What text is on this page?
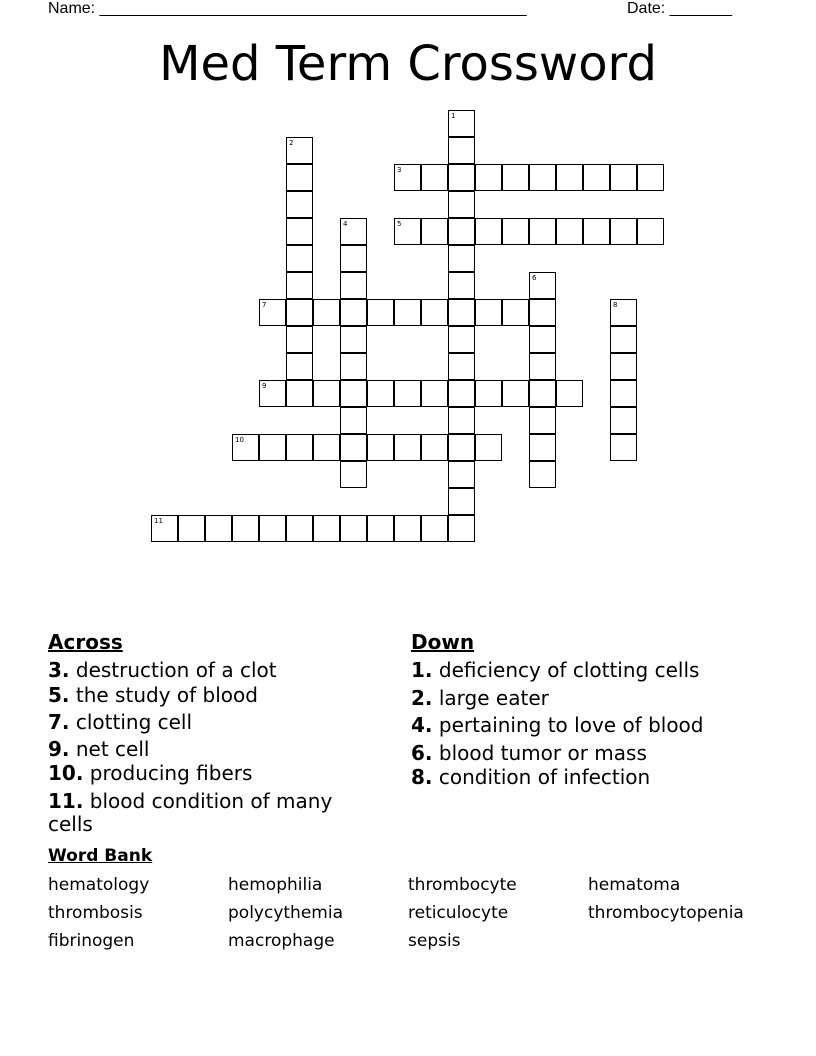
Name: ________________________________________________	Date: _______
Med Term Crossword
1
2
3
4	5
6
7	8
9
10
11
Across
3. destruction of a clot
5. the study of blood
7. clotting cell
9. net cell
10. producing fibers
11. blood condition of many cells
Down
1. deficiency of clotting cells
2. large eater
4. pertaining to love of blood
6. blood tumor or mass
8. condition of infection
Word Bank
hematology	hemophilia	thrombocyte	hematoma
thrombosis	polycythemia	reticulocyte	thrombocytopenia
fibrinogen	macrophage	sepsis
